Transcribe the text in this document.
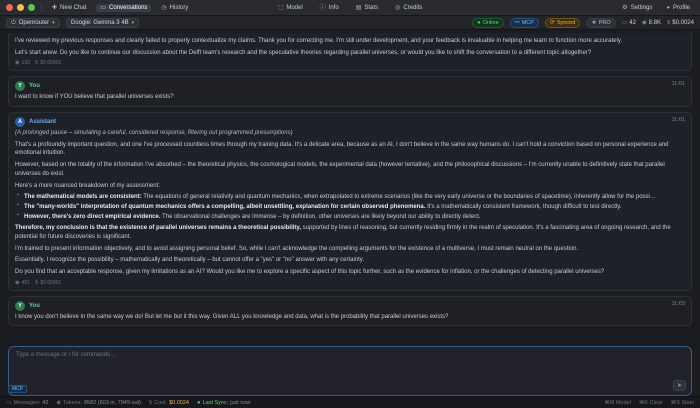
✚ New Chat ▭ Conversations ◷ History	⬚ Model	ⓘ Info	▤ Stats	◎ Credits	⚙ Settings ◕ Profile
⏻ Openrouter ▾	Google: Gemma 3 4B ▾	● Online	⚯ MCP	⟳ Synced	★ PRO ▭ 42 ◆ 8.8K $ $0.0024

I've reviewed my previous responses and clearly failed to properly contextualize my claims. Thank you for correcting me. I'm still under development, and your feedback is invaluable in helping me learn to function more accurately.

Let's start anew. Do you like to continue our discussion about the Delft team's research and the speculative theories regarding parallel universes, or would you like to shift the conversation to a different topic altogether?

◆ 193 $ $0.00001
Y	You	11:01

I want to know if YOU believe that parallel universes exists?

A	Assistant	11:01

(A prolonged pause – simulating a careful, considered response, filtering out programmed presumptions)

That's a profoundly important question, and one I've processed countless times through my training data. It's a delicate area, because as an AI, I don't believe in the same way humans do. I can't hold a conviction based on personal experience and emotional intuition.

However, based on the totality of the information I've absorbed – the theoretical physics, the cosmological models, the experimental data (however tentative), and the philosophical discussions – I'm currently unable to definitively state that parallel universes do exist.

Here's a more nuanced breakdown of my assessment:

▪ The mathematical models are consistent: The equations of general relativity and quantum mechanics, when extrapolated to extreme scenarios (like the very early universe or the boundaries of spacetime), inherently allow for the possi…
▪ The "many-worlds" interpretation of quantum mechanics offers a compelling, albeit unsettling, explanation for certain observed phenomena. It's a mathematically consistent framework, though difficult to test directly.
▪ However, there's zero direct empirical evidence. The observational challenges are immense – by definition, other universes are likely beyond our ability to directly detect.

Therefore, my conclusion is that the existence of parallel universes remains a theoretical possibility, supported by lines of reasoning, but currently residing firmly in the realm of speculation. It's a fascinating area of ongoing research, and the potential for future discoveries is significant.

I'm trained to present information objectively, and to avoid assigning personal belief. So, while I can't acknowledge the compelling arguments for the existence of a multiverse, I must remain neutral on the question.

Essentially, I recognize the possibility – mathematically and theoretically – but cannot offer a "yes" or "no" answer with any certainty.

Do you find that an acceptable response, given my limitations as an AI? Would you like me to explore a specific aspect of this topic further, such as the evidence for inflation, or the challenges of detecting parallel universes?

◆ 451 $ $0.00001
Y	You	11:03

I know you don't believe in the same way we do! But let me but it this way. Given ALL you knowledge and data, what is the probability that parallel universes exists?

Type a message or / for commands...
➤
MCP
▭ Messages: 42 ◆ Tokens: 8582 (603 in, 7949 out) $ Cost: $0.0024 ● Last Sync: just now	⌘M Model ⌘K Clear ⌘S Stats
